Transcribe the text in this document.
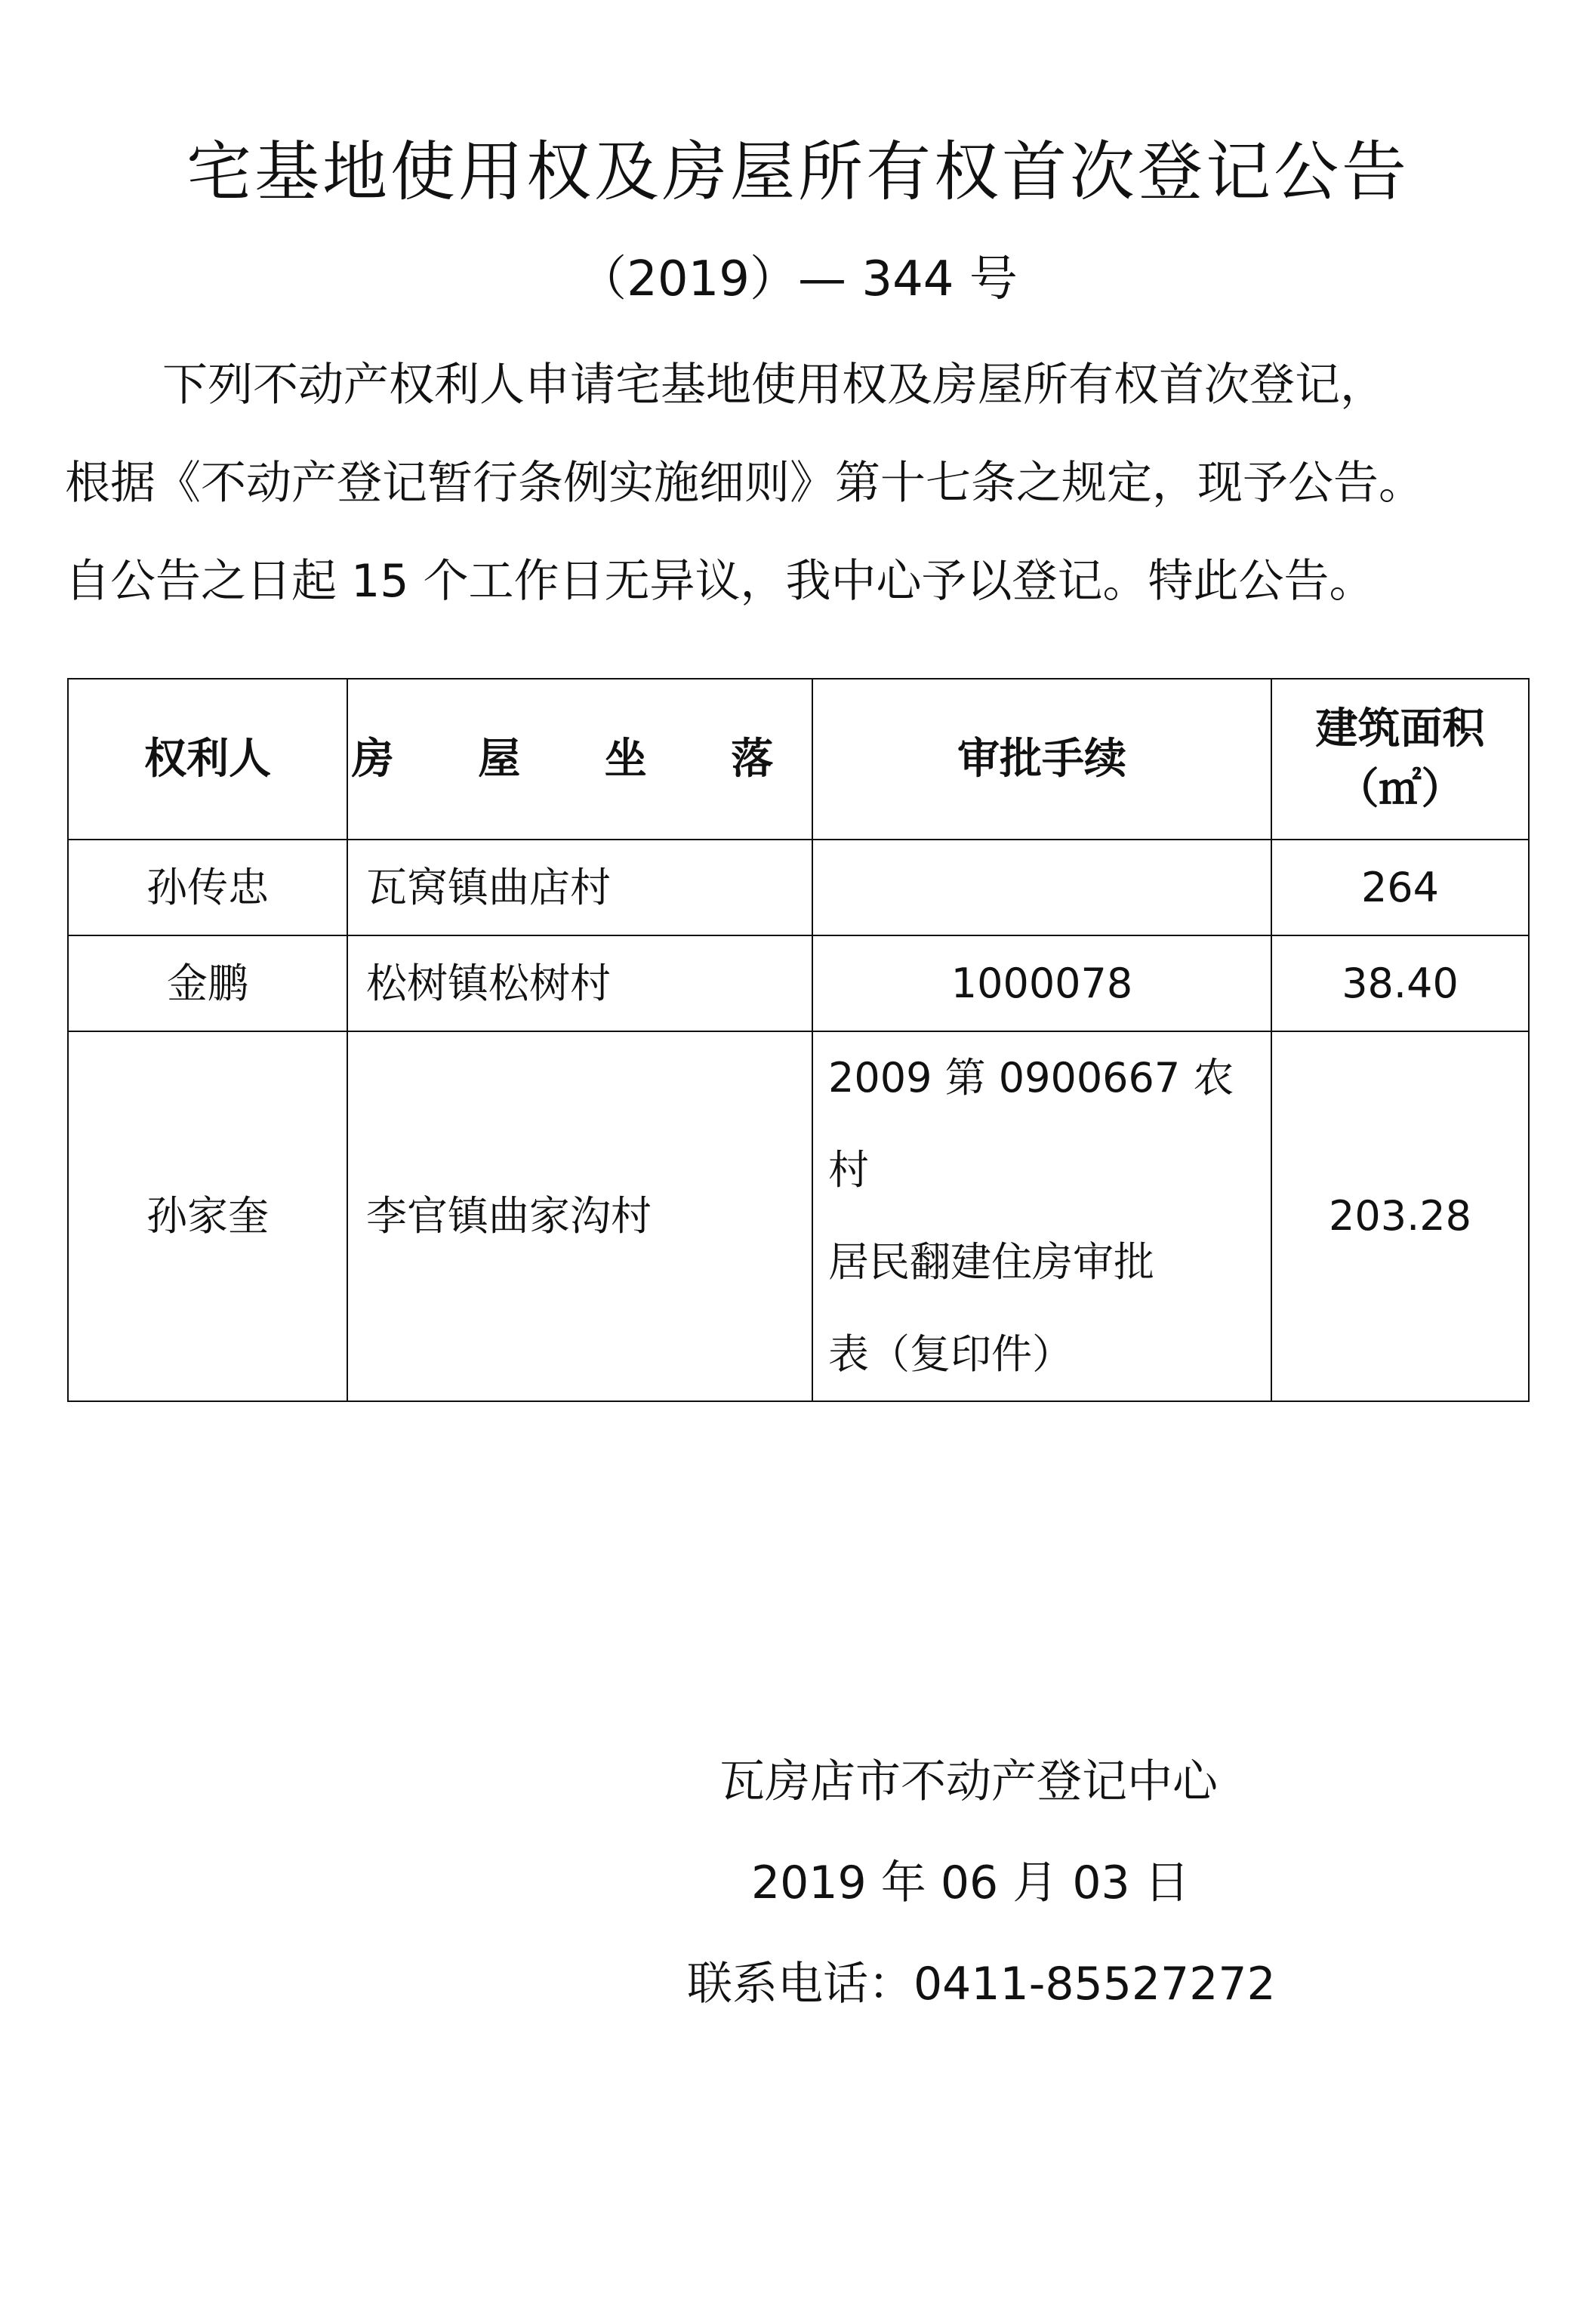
宅基地使用权及房屋所有权首次登记公告
（2019）— 344 号
下列不动产权利人申请宅基地使用权及房屋所有权首次登记，
根据《不动产登记暂行条例实施细则》第十七条之规定，现予公告。
自公告之日起 15 个工作日无异议，我中心予以登记。特此公告。
权利人	房 屋 坐 落	审批手续	建筑面积
（㎡）

孙传忠	瓦窝镇曲店村		264
金鹏	松树镇松树村	1000078	38.40
孙家奎	李官镇曲家沟村	2009 第 0900667 农村
居民翻建住房审批
表（复印件）	203.28
瓦房店市不动产登记中心
2019 年 06 月 03 日
联系电话：0411-85527272
